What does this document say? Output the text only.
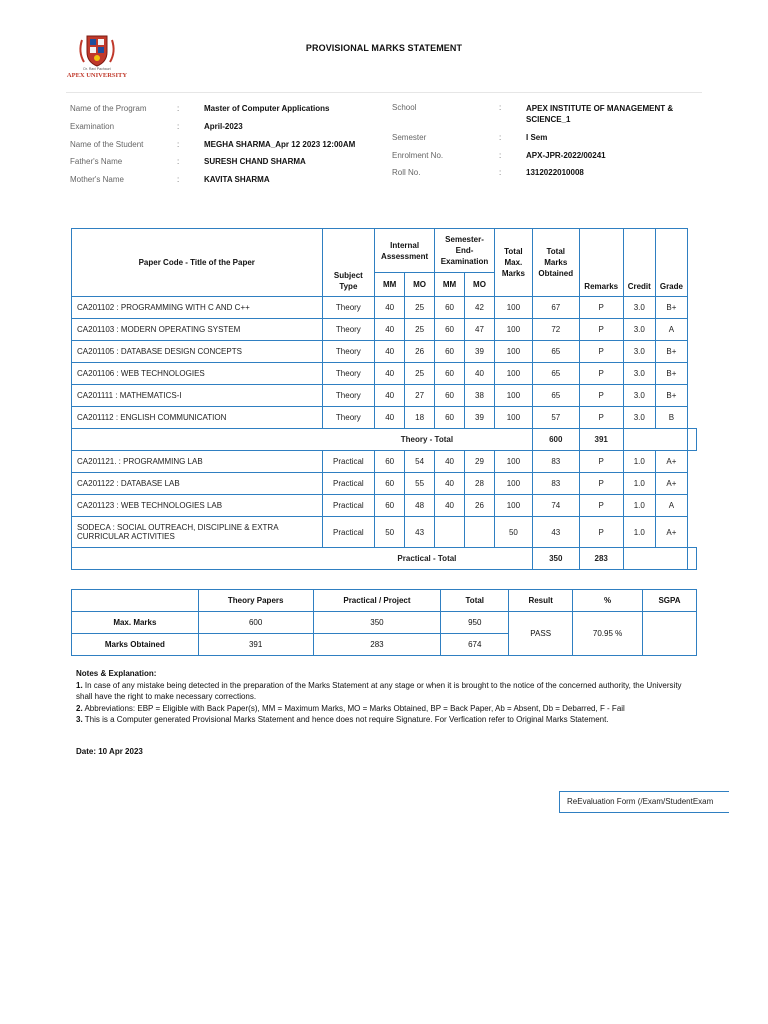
Dr. Ravi Pachauri
APEX UNIVERSITY
PROVISIONAL MARKS STATEMENT
Name of the Program	:	Master of Computer Applications
Examination	:	April-2023
Name of the Student	:	MEGHA SHARMA_Apr 12 2023 12:00AM
Father's Name	:	SURESH CHAND SHARMA
Mother's Name	:	KAVITA SHARMA
School	:	APEX INSTITUTE OF MANAGEMENT & SCIENCE_1
Semester	:	I Sem
Enrolment No.	:	APX-JPR-2022/00241
Roll No.	:	1312022010008
Paper Code - Title of the Paper	Subject Type	Internal Assessment		Semester-End-Examination		Total Max. Marks	Total Marks Obtained	Remarks	Credit	Grade	
		MM	MO	MM	MO						
CA201102 : PROGRAMMING WITH C AND C++	Theory	40	25	60	42	100	67	P	3.0	B+	
CA201103 : MODERN OPERATING SYSTEM	Theory	40	25	60	47	100	72	P	3.0	A	
CA201105 : DATABASE DESIGN CONCEPTS	Theory	40	26	60	39	100	65	P	3.0	B+	
CA201106 : WEB TECHNOLOGIES	Theory	40	25	60	40	100	65	P	3.0	B+	
CA201111 : MATHEMATICS-I	Theory	40	27	60	38	100	65	P	3.0	B+	
CA201112 : ENGLISH COMMUNICATION	Theory	40	18	60	39	100	57	P	3.0	B	
	Theory - Total						600	391			
CA201121. : PROGRAMMING LAB	Practical	60	54	40	29	100	83	P	1.0	A+	
CA201122 : DATABASE LAB	Practical	60	55	40	28	100	83	P	1.0	A+	
CA201123 : WEB TECHNOLOGIES LAB	Practical	60	48	40	26	100	74	P	1.0	A	
SODECA : SOCIAL OUTREACH, DISCIPLINE & EXTRA CURRICULAR ACTIVITIES	Practical	50	43			50	43	P	1.0	A+	
	Practical - Total						350	283			
	Theory Papers	Practical / Project	Total	Result	%	SGPA
Max. Marks	600	350	950	PASS	70.95 %	
Marks Obtained	391	283	674			
Notes & Explanation:
1. In case of any mistake being detected in the preparation of the Marks Statement at any stage or when it is brought to the notice of the concerned authority, the University shall have the right to make necessary corrections.
2. Abbreviations: EBP = Eligible with Back Paper(s), MM = Maximum Marks, MO = Marks Obtained, BP = Back Paper, Ab = Absent, Db = Debarred, F - Fail
3. This is a Computer generated Provisional Marks Statement and hence does not require Signature. For Verfication refer to Original Marks Statement.
Date: 10 Apr 2023
ReEvaluation Form (/Exam/StudentExam
